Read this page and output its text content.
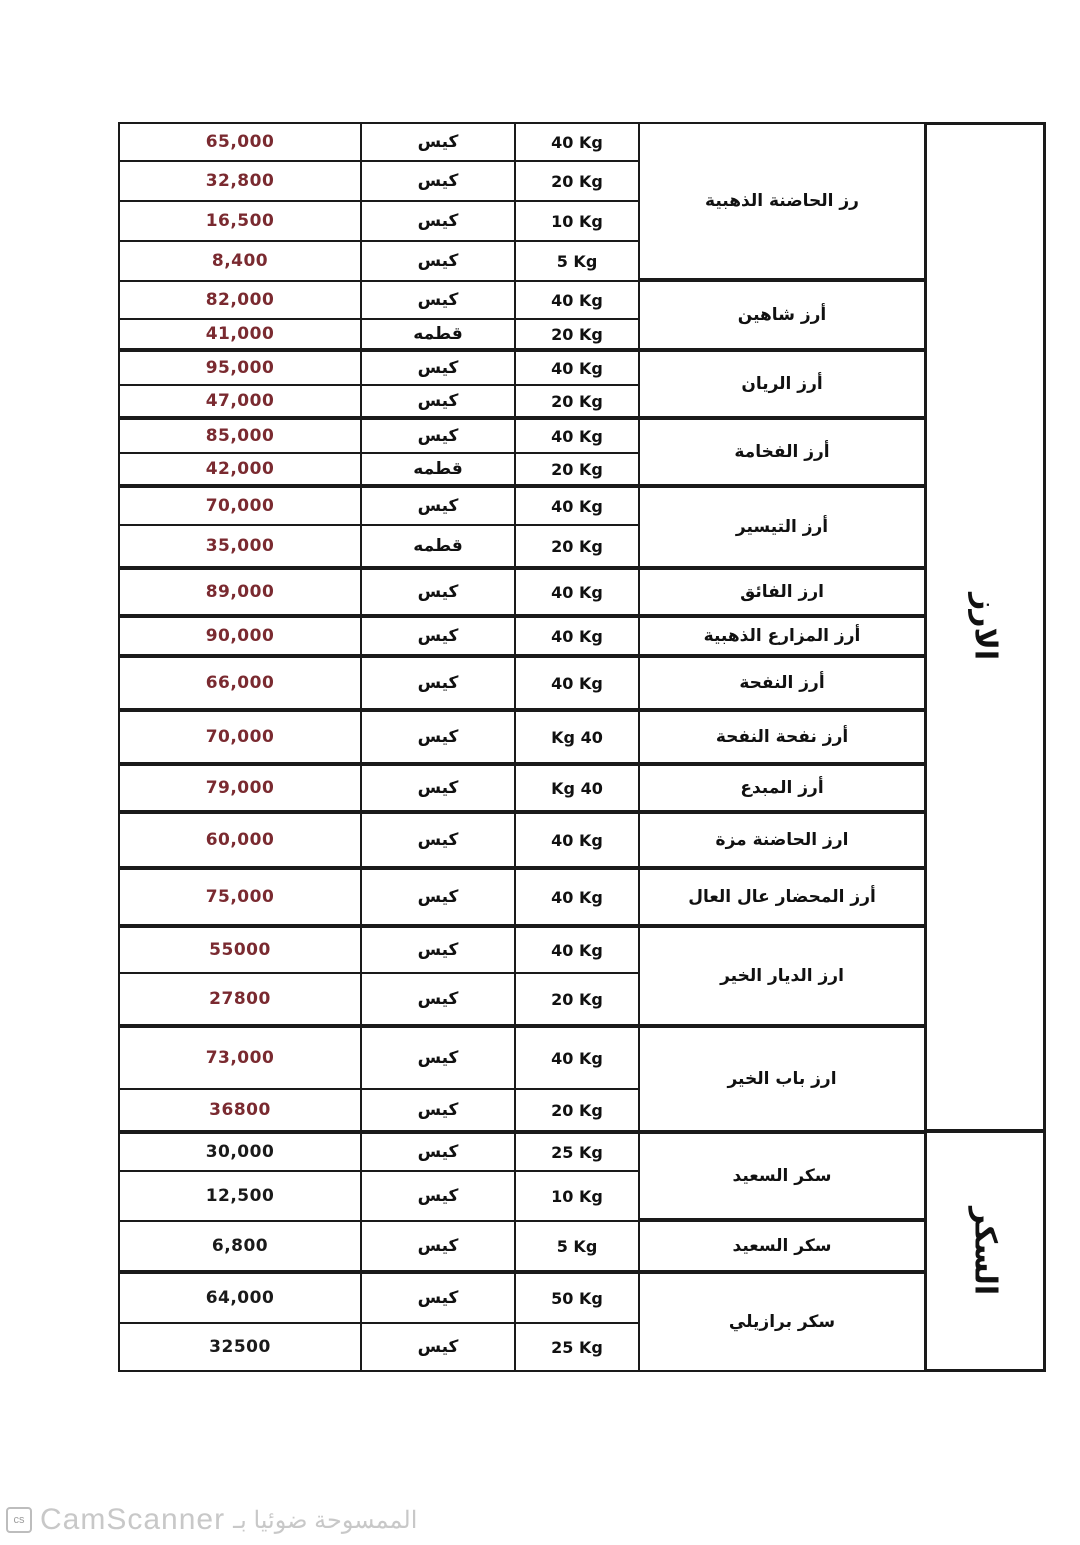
الارز
السكر
رز الحاضنة الذهبية
أرز شاهين
أرز الريان
أرز الفخامة
أرز التيسير
ارز الفائق
أرز المزارع الذهبية
أرز النفحة
أرز نفحة النفحة
أرز المبدع
ارز الحاضنة مزة
أرز المحضار عال العال
ارز الديار الخير
ارز باب الخير
سكر السعيد
سكر السعيد
سكر برازيلي
40 Kg
كيس
65,000
20 Kg
كيس
32,800
10 Kg
كيس
16,500
5 Kg
كيس
8,400
40 Kg
كيس
82,000
20 Kg
قطمه
41,000
40 Kg
كيس
95,000
20 Kg
كيس
47,000
40 Kg
كيس
85,000
20 Kg
قطمه
42,000
40 Kg
كيس
70,000
20 Kg
قطمه
35,000
40 Kg
كيس
89,000
40 Kg
كيس
90,000
40 Kg
كيس
66,000
Kg 40
كيس
70,000
Kg 40
كيس
79,000
40 Kg
كيس
60,000
40 Kg
كيس
75,000
40 Kg
كيس
55000
20 Kg
كيس
27800
40 Kg
كيس
73,000
20 Kg
كيس
36800
25 Kg
كيس
30,000
10 Kg
كيس
12,500
5 Kg
كيس
6,800
50 Kg
كيس
64,000
25 Kg
كيس
32500
cs CamScanner الممسوحة ضوئيا بـ
